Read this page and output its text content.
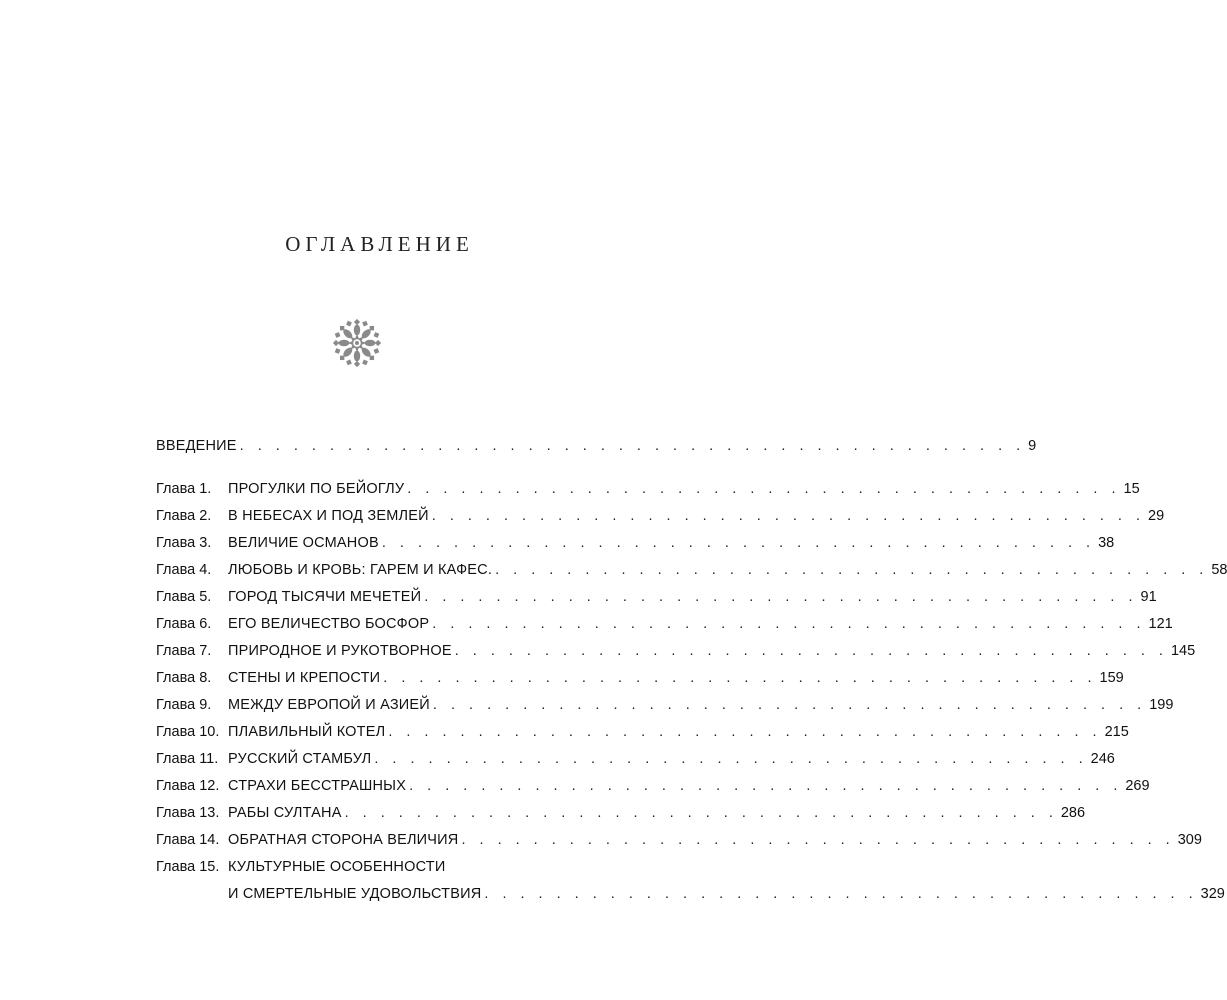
ОГЛАВЛЕНИЕ
ВВЕДЕНИЕ . . . . . . . . . . . . . . . . . . . . . . . . . . . . . . . . . . . . . . . . . . . . 9
Глава 1.	ПРОГУЛКИ ПО БЕЙОГЛУ . . . . . . . . . . . . . . . . . . . . . . . . . . . . . . . . . . . . . . . . 15
Глава 2.	В НЕБЕСАХ И ПОД ЗЕМЛЕЙ . . . . . . . . . . . . . . . . . . . . . . . . . . . . . . . . . . . . . . . . 29
Глава 3.	ВЕЛИЧИЕ ОСМАНОВ . . . . . . . . . . . . . . . . . . . . . . . . . . . . . . . . . . . . . . . . 38
Глава 4.	ЛЮБОВЬ И КРОВЬ: ГАРЕМ И КАФЕС. . . . . . . . . . . . . . . . . . . . . . . . . . . . . . . . . . . . . . . . . 58
Глава 5.	ГОРОД ТЫСЯЧИ МЕЧЕТЕЙ . . . . . . . . . . . . . . . . . . . . . . . . . . . . . . . . . . . . . . . . 91
Глава 6.	ЕГО ВЕЛИЧЕСТВО БОСФОР . . . . . . . . . . . . . . . . . . . . . . . . . . . . . . . . . . . . . . . . 121
Глава 7.	ПРИРОДНОЕ И РУКОТВОРНОЕ . . . . . . . . . . . . . . . . . . . . . . . . . . . . . . . . . . . . . . . . 145
Глава 8.	СТЕНЫ И КРЕПОСТИ . . . . . . . . . . . . . . . . . . . . . . . . . . . . . . . . . . . . . . . . 159
Глава 9.	МЕЖДУ ЕВРОПОЙ И АЗИЕЙ . . . . . . . . . . . . . . . . . . . . . . . . . . . . . . . . . . . . . . . . 199
Глава 10. ПЛАВИЛЬНЫЙ КОТЕЛ . . . . . . . . . . . . . . . . . . . . . . . . . . . . . . . . . . . . . . . . 215
Глава 11. РУССКИЙ СТАМБУЛ . . . . . . . . . . . . . . . . . . . . . . . . . . . . . . . . . . . . . . . . 246
Глава 12. СТРАХИ БЕССТРАШНЫХ . . . . . . . . . . . . . . . . . . . . . . . . . . . . . . . . . . . . . . . . 269
Глава 13. РАБЫ СУЛТАНА . . . . . . . . . . . . . . . . . . . . . . . . . . . . . . . . . . . . . . . . 286
Глава 14. ОБРАТНАЯ СТОРОНА ВЕЛИЧИЯ . . . . . . . . . . . . . . . . . . . . . . . . . . . . . . . . . . . . . . . . 309
Глава 15. КУЛЬТУРНЫЕ ОСОБЕННОСТИ
И СМЕРТЕЛЬНЫЕ УДОВОЛЬСТВИЯ . . . . . . . . . . . . . . . . . . . . . . . . . . . . . . . . . . . . . . . . 329
